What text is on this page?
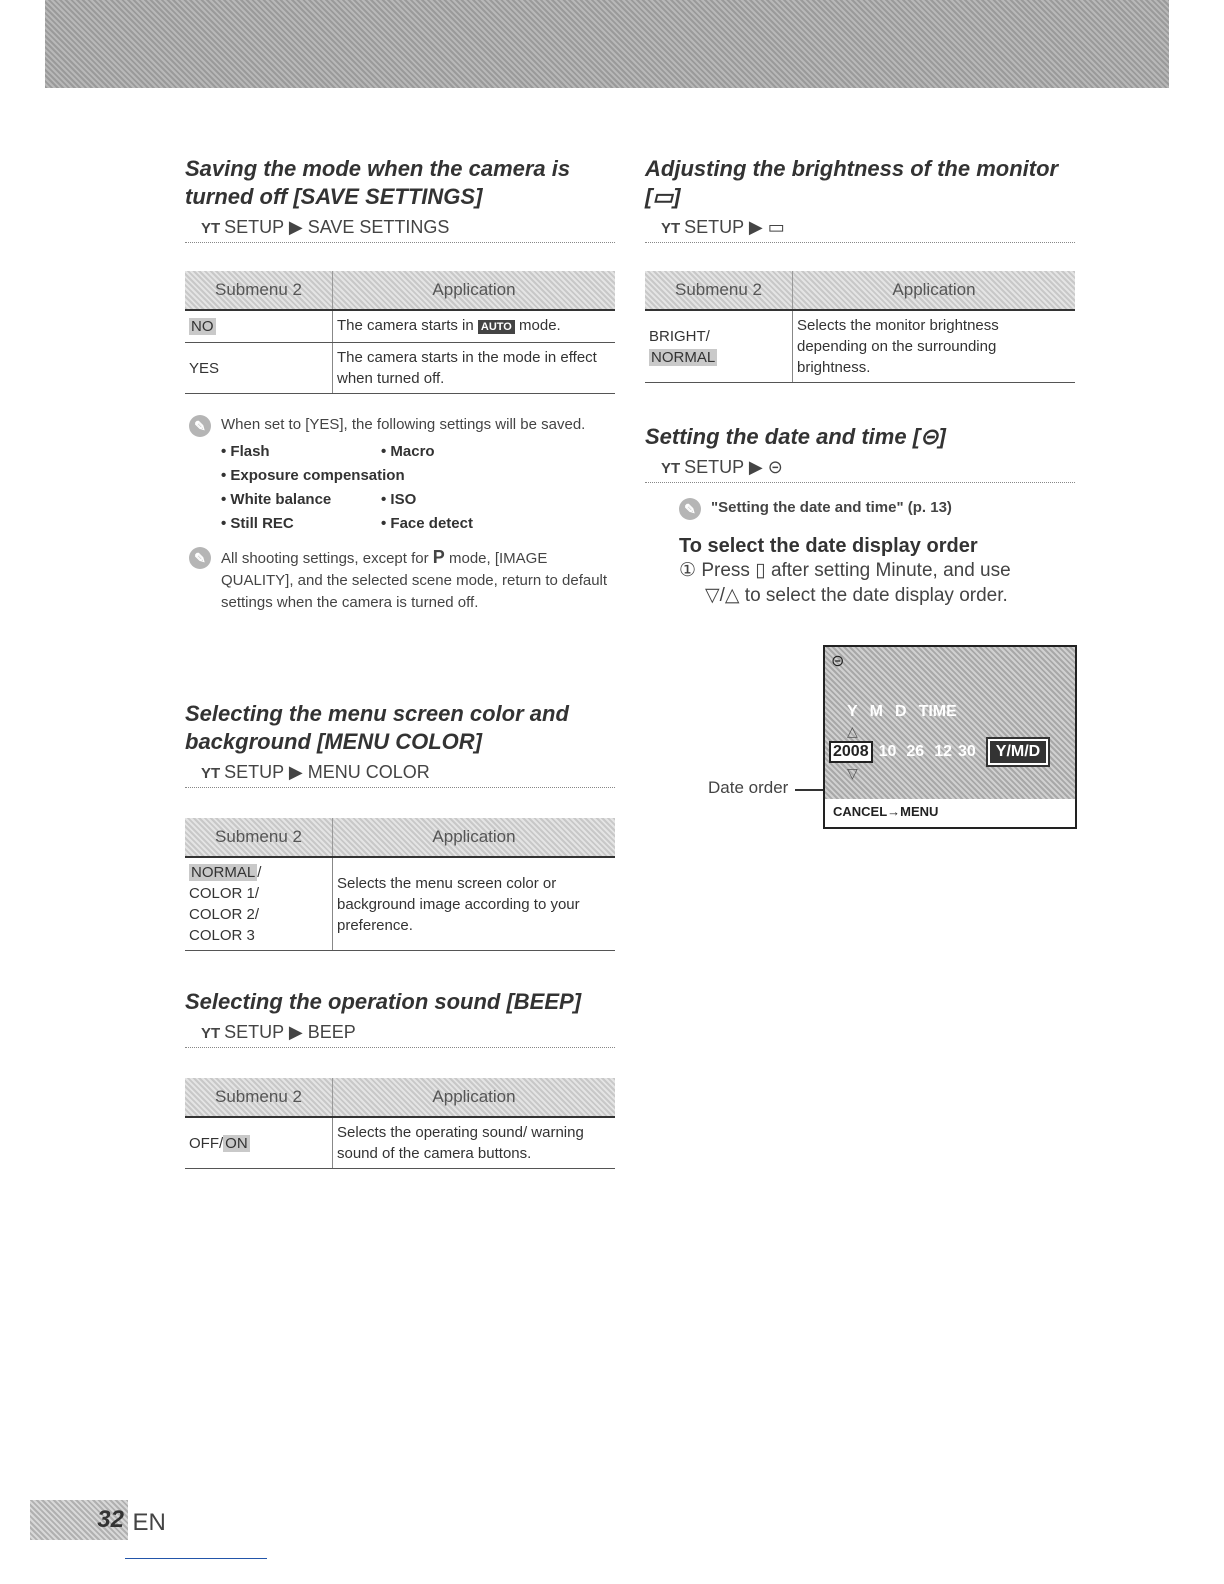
Saving the mode when the camera is turned off [SAVE SETTINGS]
YT SETUP ▶ SAVE SETTINGS
Submenu 2	Application
NO	The camera starts in AUTO mode.
YES	The camera starts in the mode in effect when turned off.
✎	When set to [YES], the following settings will be saved.
• Flash	• Macro
• Exposure compensation
• White balance	• ISO
• Still REC	• Face detect
✎	All shooting settings, except for P mode, [IMAGE QUALITY], and the selected scene mode, return to default settings when the camera is turned off.
Selecting the menu screen color and background [MENU COLOR]
YT SETUP ▶ MENU COLOR
Submenu 2	Application
NORMAL /
COLOR 1/
COLOR 2/
COLOR 3	Selects the menu screen color or background image according to your preference.
Selecting the operation sound [BEEP]
YT SETUP ▶ BEEP
Submenu 2	Application
OFF/ ON	Selects the operating sound/ warning sound of the camera buttons.
Adjusting the brightness of the monitor [▭]
YT SETUP ▶ ▭
Submenu 2	Application
BRIGHT/
NORMAL	Selects the monitor brightness depending on the surrounding brightness.
Setting the date and time [⊝]
YT SETUP ▶ ⊝
✎	"Setting the date and time" (p. 13)
To select the date display order
① Press ▯ after setting Minute, and use
▽/△ to select the date display order.
Date order
⊝
Y M D TIME
△
2008 10 26 12 30	Y/M/D
▽
CANCEL→MENU
32 EN
